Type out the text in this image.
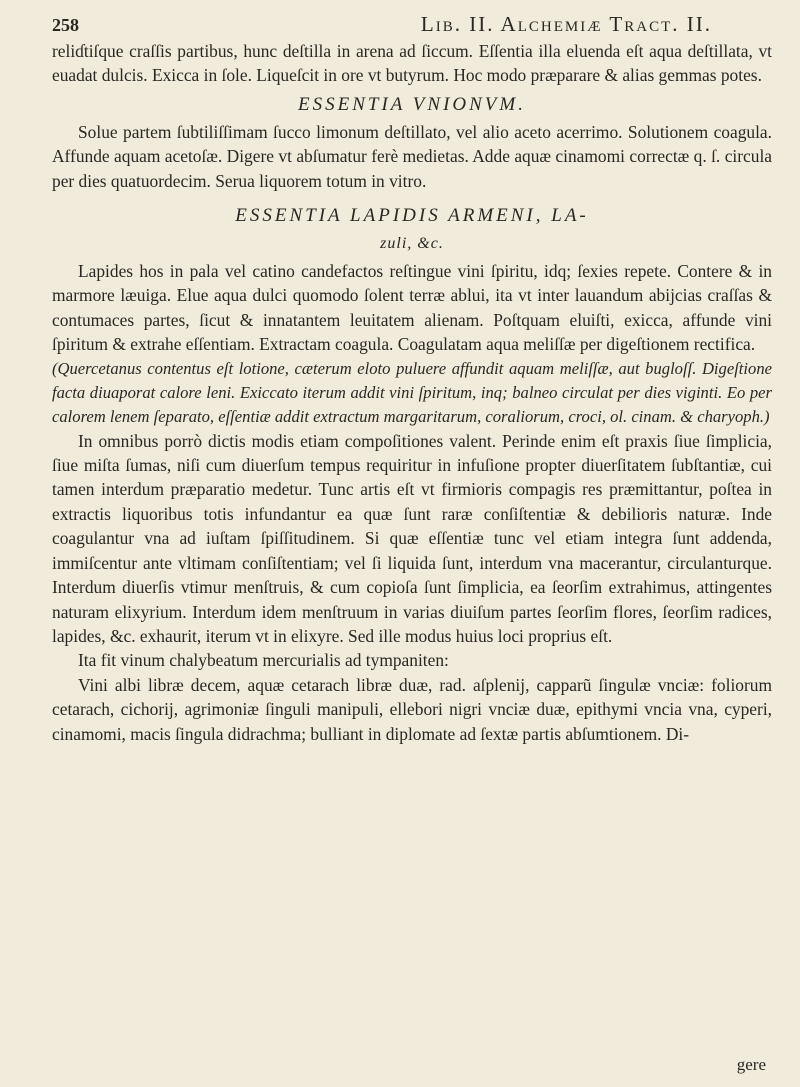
258	Lib. II. Alchemiæ Tract. II.

reliɗtiſque craſſis partibus, hunc deſtilla in arena ad ſiccum. Eſſentia illa eluenda eſt aqua deſtillata, vt euadat dulcis. Exicca in ſole. Liqueſcit in ore vt butyrum. Hoc modo præparare & alias gemmas potes.

ESSENTIA VNIONVM.

Solue partem ſubtiliſſimam ſucco limonum deſtillato, vel alio aceto acerrimo. Solutionem coagula. Affunde aquam acetoſæ. Digere vt abſumatur ferè medietas. Adde aquæ cinamomi correctæ q. ſ. circula per dies quatuordecim. Serua liquorem totum in vitro.

ESSENTIA LAPIDIS ARMENI, LA-
zuli, &c.

Lapides hos in pala vel catino candefactos reſtingue vini ſpiritu, idq; ſexies repete. Contere & in marmore læuiga. Elue aqua dulci quomodo ſolent terræ ablui, ita vt inter lauandum abijcias craſſas & contumaces partes, ſicut & innatantem leuitatem alienam. Poſtquam eluiſti, exicca, affunde vini ſpiritum & extrahe eſſentiam. Extractam coagula. Coagulatam aqua meliſſæ per digeſtionem rectifica.

(Quercetanus contentus eſt lotione, cæterum eloto puluere affundit aquam meliſſæ, aut bugloſſ. Digeſtione facta diuaporat calore leni. Exiccato iterum addit vini ſpiritum, inq; balneo circulat per dies viginti. Eo per calorem lenem ſeparato, eſſentiæ addit extractum margaritarum, coraliorum, croci, ol. cinam. & charyoph.)

In omnibus porrò dictis modis etiam compoſitiones valent. Perinde enim eſt praxis ſiue ſimplicia, ſiue miſta ſumas, niſi cum diuerſum tempus requiritur in infuſione propter diuerſitatem ſubſtantiæ, cui tamen interdum præparatio medetur. Tunc artis eſt vt firmioris compagis res præmittantur, poſtea in extractis liquoribus totis infundantur ea quæ ſunt raræ conſiſtentiæ & debilioris naturæ. Inde coagulantur vna ad iuſtam ſpiſſitudinem. Si quæ eſſentiæ tunc vel etiam integra ſunt addenda, immiſcentur ante vltimam conſiſtentiam; vel ſi liquida ſunt, interdum vna macerantur, circulanturque. Interdum diuerſis vtimur menſtruis, & cum copioſa ſunt ſimplicia, ea ſeorſim extrahimus, attingentes naturam elixyrium. Interdum idem menſtruum in varias diuiſum partes ſeorſim flores, ſeorſim radices, lapides, &c. exhaurit, iterum vt in elixyre. Sed ille modus huius loci proprius eſt.

Ita fit vinum chalybeatum mercurialis ad tympaniten:

Vini albi libræ decem, aquæ cetarach libræ duæ, rad. aſplenij, capparũ ſingulæ vnciæ: foliorum cetarach, cichorij, agrimoniæ ſinguli manipuli, ellebori nigri vnciæ duæ, epithymi vncia vna, cyperi, cinamomi, macis ſingula didrachma; bulliant in diplomate ad ſextæ partis abſumtionem. Di-

gere
